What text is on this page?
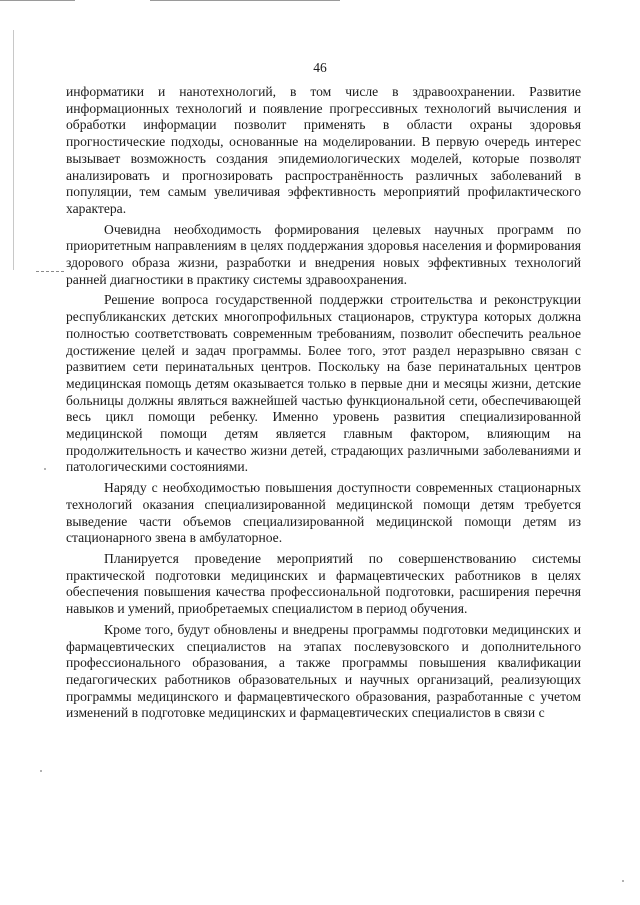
46

информатики и нанотехнологий, в том числе в здравоохранении. Развитие информационных технологий и появление прогрессивных технологий вычисления и обработки информации позволит применять в области охраны здоровья прогностические подходы, основанные на моделировании. В первую очередь интерес вызывает возможность создания эпидемиологических моделей, которые позволят анализировать и прогнозировать распространённость различных заболеваний в популяции, тем самым увеличивая эффективность мероприятий профилактического характера.

Очевидна необходимость формирования целевых научных программ по приоритетным направлениям в целях поддержания здоровья населения и формирования здорового образа жизни, разработки и внедрения новых эффективных технологий ранней диагностики в практику системы здравоохранения.

Решение вопроса государственной поддержки строительства и реконструкции республиканских детских многопрофильных стационаров, структура которых должна полностью соответствовать современным требованиям, позволит обеспечить реальное достижение целей и задач программы. Более того, этот раздел неразрывно связан с развитием сети перинатальных центров. Поскольку на базе перинатальных центров медицинская помощь детям оказывается только в первые дни и месяцы жизни, детские больницы должны являться важнейшей частью функциональной сети, обеспечивающей весь цикл помощи ребенку. Именно уровень развития специализированной медицинской помощи детям является главным фактором, влияющим на продолжительность и качество жизни детей, страдающих различными заболеваниями и патологическими состояниями.

Наряду с необходимостью повышения доступности современных стационарных технологий оказания специализированной медицинской помощи детям требуется выведение части объемов специализированной медицинской помощи детям из стационарного звена в амбулаторное.

Планируется проведение мероприятий по совершенствованию системы практической подготовки медицинских и фармацевтических работников в целях обеспечения повышения качества профессиональной подготовки, расширения перечня навыков и умений, приобретаемых специалистом в период обучения.

Кроме того, будут обновлены и внедрены программы подготовки медицинских и фармацевтических специалистов на этапах послевузовского и дополнительного профессионального образования, а также программы повышения квалификации педагогических работников образовательных и научных организаций, реализующих программы медицинского и фармацевтического образования, разработанные с учетом изменений в подготовке медицинских и фармацевтических специалистов в связи с
